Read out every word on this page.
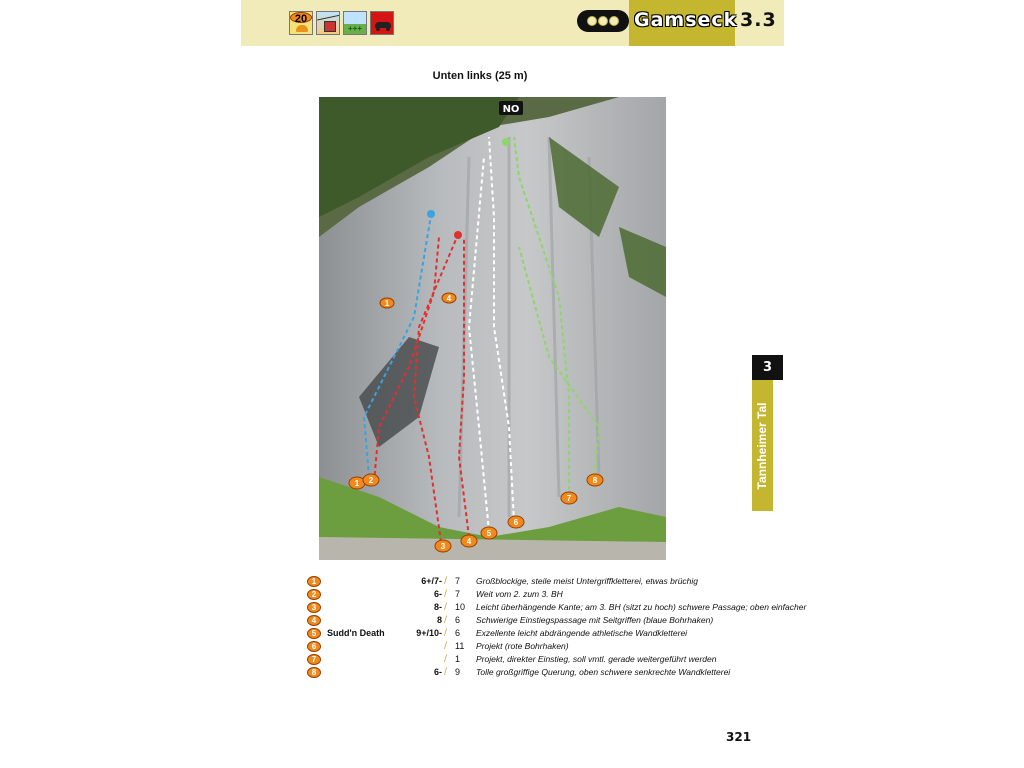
20
+++	Gamseck 3.3
Unten links (25 m)
1 2
3
4
5
6
7
8
1
4
NO
3
Tannheimer Tal
1	6+/7- ∕ 7 Großblockige, steile meist Untergriffkletterei, etwas brüchig
2	6- ∕ 7 Weit vom 2. zum 3. BH
3	8- ∕ 10 Leicht überhängende Kante; am 3. BH (sitzt zu hoch) schwere Passage; oben einfacher
4	8 ∕ 6 Schwierige Einstiegspassage mit Seitgriffen (blaue Bohrhaken)
5	Sudd'n Death	9+/10- ∕ 6 Exzellente leicht abdrängende athletische Wandkletterei
6	∕ 11 Projekt (rote Bohrhaken)
7	∕ 1 Projekt, direkter Einstieg, soll vmtl. gerade weitergeführt werden
8	6- ∕ 9 Tolle großgriffige Querung, oben schwere senkrechte Wandkletterei
321
